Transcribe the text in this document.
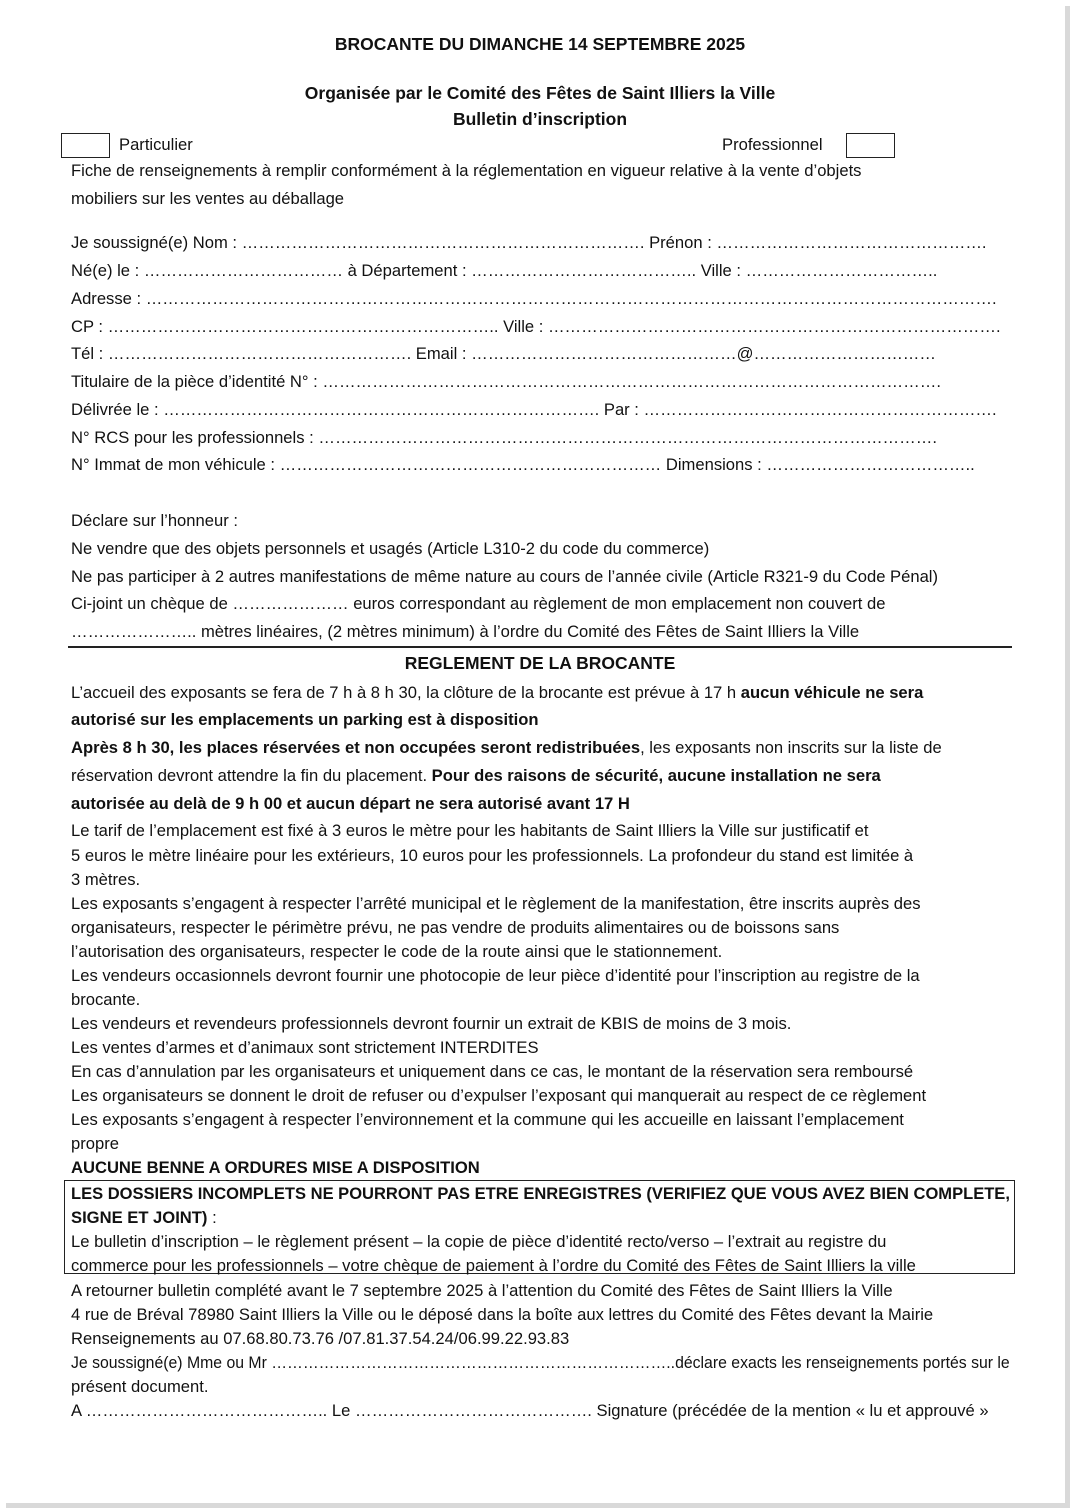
BROCANTE DU DIMANCHE 14 SEPTEMBRE 2025
Organisée par le Comité des Fêtes de Saint Illiers la Ville
Bulletin d’inscription
Particulier	Professionnel
Fiche de renseignements à remplir conformément à la réglementation en vigueur relative à la vente d’objets
mobiliers sur les ventes au déballage
Je soussigné(e) Nom : ………………………………………………………………. Prénon : ………………………………………….
Né(e) le : ……………………………… à Département : ………………………………….. Ville : ……………………………..
Adresse : ……………………………………………………………………………………………………………………………………….
CP : …………………………………………………………….. Ville : ……………………………………………………………………….
Tél : ………………………………………………. Email : …………………………………………@……………………………
Titulaire de la pièce d’identité N° : ………………………………………………………………………………………………….
Délivrée le : ……………………………………………………………………. Par : ……………………………………………………….
N° RCS pour les professionnels : ………………………………………………………………………………………………….
N° Immat de mon véhicule : …………………………………………………………… Dimensions : ………………………………..
Déclare sur l’honneur :
Ne vendre que des objets personnels et usagés (Article L310-2 du code du commerce)
Ne pas participer à 2 autres manifestations de même nature au cours de l’année civile (Article R321-9 du Code Pénal)
Ci-joint un chèque de ………………… euros correspondant au règlement de mon emplacement non couvert de
………………….. mètres linéaires, (2 mètres minimum) à l’ordre du Comité des Fêtes de Saint Illiers la Ville
REGLEMENT DE LA BROCANTE
L’accueil des exposants se fera de 7 h à 8 h 30, la clôture de la brocante est prévue à 17 h aucun véhicule ne sera
autorisé sur les emplacements un parking est à disposition
Après 8 h 30, les places réservées et non occupées seront redistribuées, les exposants non inscrits sur la liste de
réservation devront attendre la fin du placement. Pour des raisons de sécurité, aucune installation ne sera
autorisée au delà de 9 h 00 et aucun départ ne sera autorisé avant 17 H
Le tarif de l’emplacement est fixé à 3 euros le mètre pour les habitants de Saint Illiers la Ville sur justificatif et
5 euros le mètre linéaire pour les extérieurs, 10 euros pour les professionnels. La profondeur du stand est limitée à
3 mètres.
Les exposants s’engagent à respecter l’arrêté municipal et le règlement de la manifestation, être inscrits auprès des
organisateurs, respecter le périmètre prévu, ne pas vendre de produits alimentaires ou de boissons sans
l’autorisation des organisateurs, respecter le code de la route ainsi que le stationnement.
Les vendeurs occasionnels devront fournir une photocopie de leur pièce d’identité pour l’inscription au registre de la
brocante.
Les vendeurs et revendeurs professionnels devront fournir un extrait de KBIS de moins de 3 mois.
Les ventes d’armes et d’animaux sont strictement INTERDITES
En cas d’annulation par les organisateurs et uniquement dans ce cas, le montant de la réservation sera remboursé
Les organisateurs se donnent le droit de refuser ou d’expulser l’exposant qui manquerait au respect de ce règlement
Les exposants s’engagent à respecter l’environnement et la commune qui les accueille en laissant l’emplacement
propre
AUCUNE BENNE A ORDURES MISE A DISPOSITION
LES DOSSIERS INCOMPLETS NE POURRONT PAS ETRE ENREGISTRES (VERIFIEZ QUE VOUS AVEZ BIEN COMPLETE,
SIGNE ET JOINT) :
Le bulletin d’inscription – le règlement présent – la copie de pièce d’identité recto/verso – l’extrait au registre du
commerce pour les professionnels – votre chèque de paiement à l’ordre du Comité des Fêtes de Saint Illiers la ville
A retourner bulletin complété avant le 7 septembre 2025 à l’attention du Comité des Fêtes de Saint Illiers la Ville
4 rue de Bréval 78980 Saint Illiers la Ville ou le déposé dans la boîte aux lettres du Comité des Fêtes devant la Mairie
Renseignements au 07.68.80.73.76 /07.81.37.54.24/06.99.22.93.83
Je soussigné(e) Mme ou Mr …………………………………………………………………..déclare exacts les renseignements portés sur le
présent document.
A …………………………………….. Le ……………………………………. Signature (précédée de la mention « lu et approuvé »
